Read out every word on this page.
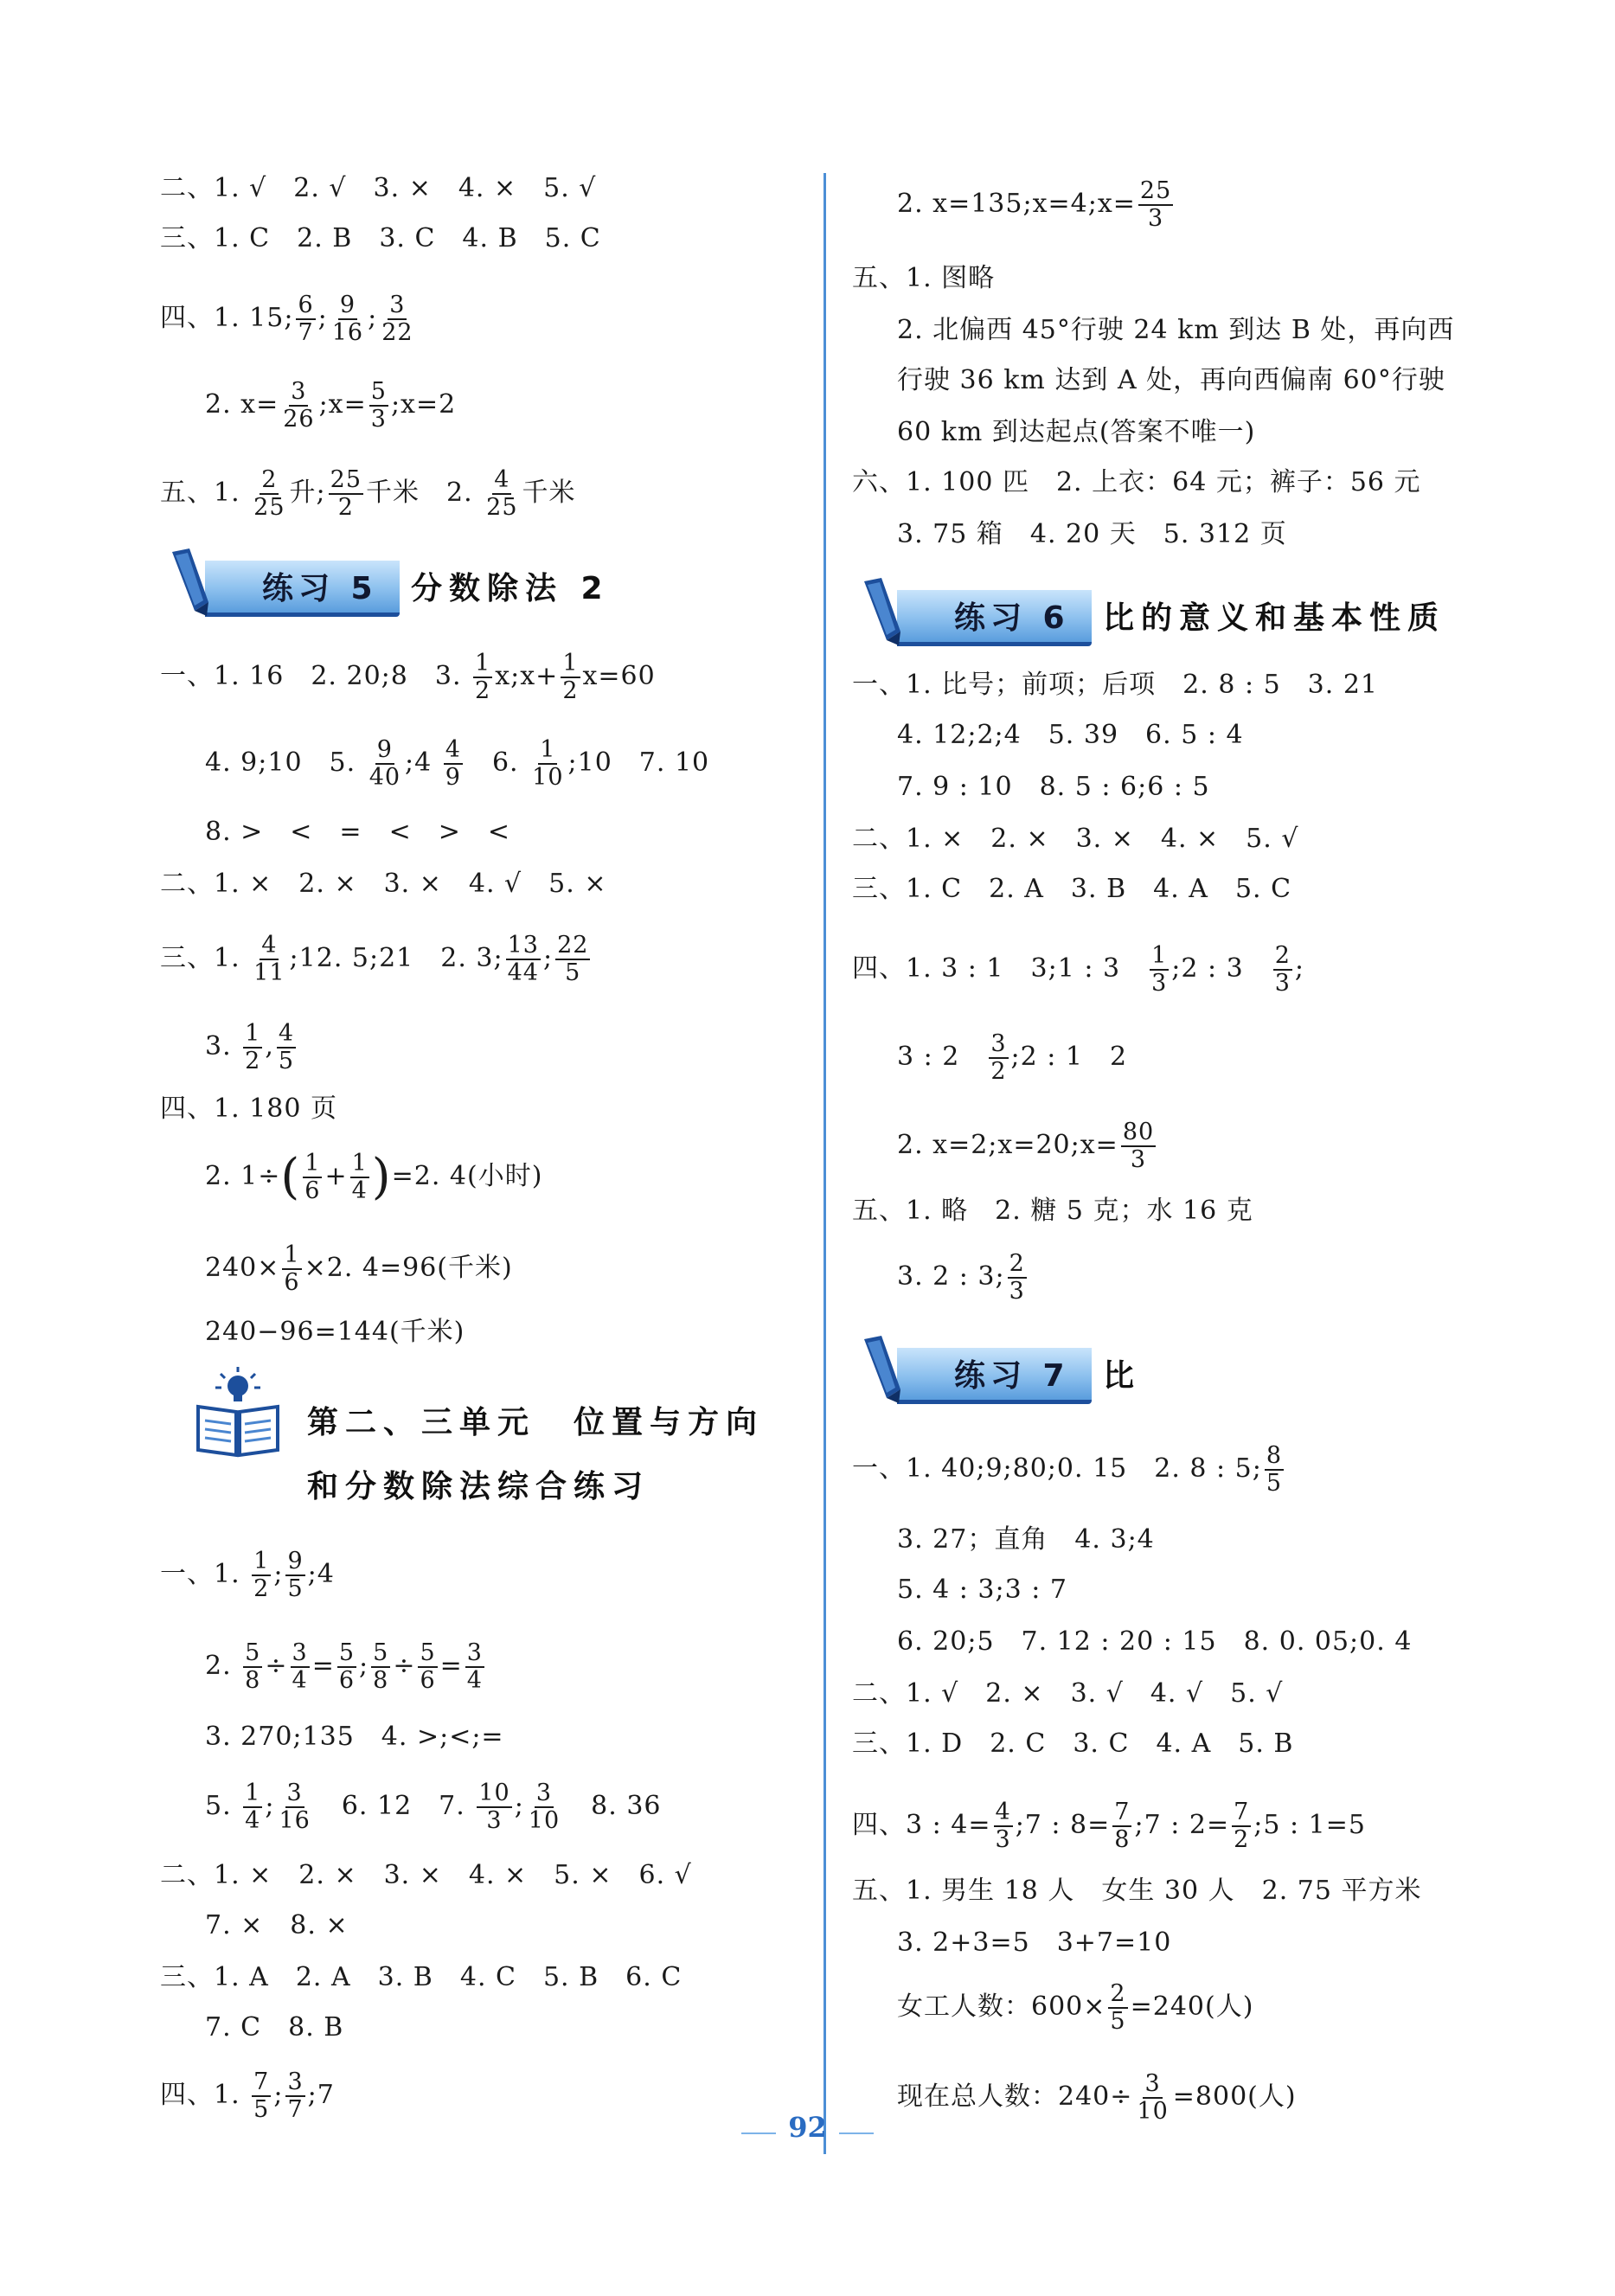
二、1. √　2. √　3. ×　4. ×　5. √
三、1. C　2. B　3. C　4. B　5. C
四、1. 15; $\frac{6}{7}$ ; $\frac{9}{16}$ ; $\frac{3}{22}$
2. $x= \frac{3}{26}$ ;x= $\frac{5}{3}$ ;x=2
五、1. $\frac{2}{25}$ 升; $\frac{25}{2}$ 千米　2. $\frac{4}{25}$ 千米
练习 5 分数除法 2
一、1. 16　2. 20;8　3. $\frac{1}{2}$ x;x+ $\frac{1}{2} x=60$
4. 9;10　5. $\frac{9}{40}$ ;4 $\frac{4}{9}$ 　6. $\frac{1}{10}$ ;10　7. 10
8. >　<　=　<　>　<
二、1. ×　2. ×　3. ×　4. √　5. ×
三、1. $\frac{4}{11}$ ;12. 5;21　2. 3; $\frac{13}{44}$ ; $\frac{22}{5}$
3. $\frac{1}{2}$ , $\frac{4}{5}$
四、1. 180 页
2. $1\div( \frac{1}{6} + \frac{1}{4} )=2$. 4(小时)
$240\times \frac{1}{6} \times 2$. 4=96(千米)
240−96=144(千米)
第二、三单元　位置与方向
和分数除法综合练习
一、1. $\frac{1}{2}$ ; $\frac{9}{5}$ ;4
2. $\frac{5}{8} \div \frac{3}{4} = \frac{5}{6}$ ; $\frac{5}{8} \div \frac{5}{6} = \frac{3}{4}$
3. 270;135　4. >;<;=
5. $\frac{1}{4}$ ; $\frac{3}{16}$ 　6. 12　7. $\frac{10}{3}$ ; $\frac{3}{10}$ 　8. 36
二、1. ×　2. ×　3. ×　4. ×　5. ×　6. √
7. ×　8. ×
三、1. A　2. A　3. B　4. C　5. B　6. C
7. C　8. B
四、1. $\frac{7}{5}$ ; $\frac{3}{7}$ ;7
2. x=135;x=4;x= $\frac{25}{3}$
五、1. 图略
2. 北偏西 45°行驶 24 km 到达 B 处，再向西
行驶 36 km 达到 A 处，再向西偏南 60°行驶
60 km 到达起点(答案不唯一)
六、1. 100 匹　2. 上衣：64 元；裤子：56 元
3. 75 箱　4. 20 天　5. 312 页
练习 6 比的意义和基本性质
一、1. 比号；前项；后项　2. 8 : 5　3. 21
4. 12;2;4　5. 39　6. 5 : 4
7. 9 : 10　8. 5 : 6;6 : 5
二、1. ×　2. ×　3. ×　4. ×　5. √
三、1. C　2. A　3. B　4. A　5. C
四、1. 3 : 1　3;1 : 3　 $\frac{1}{3}$ ;2 : 3　 $\frac{2}{3}$ ;
3 : 2　 $\frac{3}{2}$ ;2 : 1　2
2. x=2;x=20;x= $\frac{80}{3}$
五、1. 略　2. 糖 5 克；水 16 克
3. 2 : 3; $\frac{2}{3}$
练习 7 比
一、1. 40;9;80;0. 15　2. 8 : 5; $\frac{8}{5}$
3. 27；直角　4. 3;4
5. 4 : 3;3 : 7
6. 20;5　7. 12 : 20 : 15　8. 0. 05;0. 4
二、1. √　2. ×　3. √　4. √　5. √
三、1. D　2. C　3. C　4. A　5. B
四、3 : $4= \frac{4}{3}$ ;7 : $8= \frac{7}{8}$ ;7 : $2= \frac{7}{2}$ ;5 : 1=5
五、1. 男生 18 人　女生 30 人　2. 75 平方米
3. 2+3=5　3+7=10
女工人数：$600\times \frac{2}{5} =240$(人)
现在总人数：$240\div \frac{3}{10} =800$(人)
92
